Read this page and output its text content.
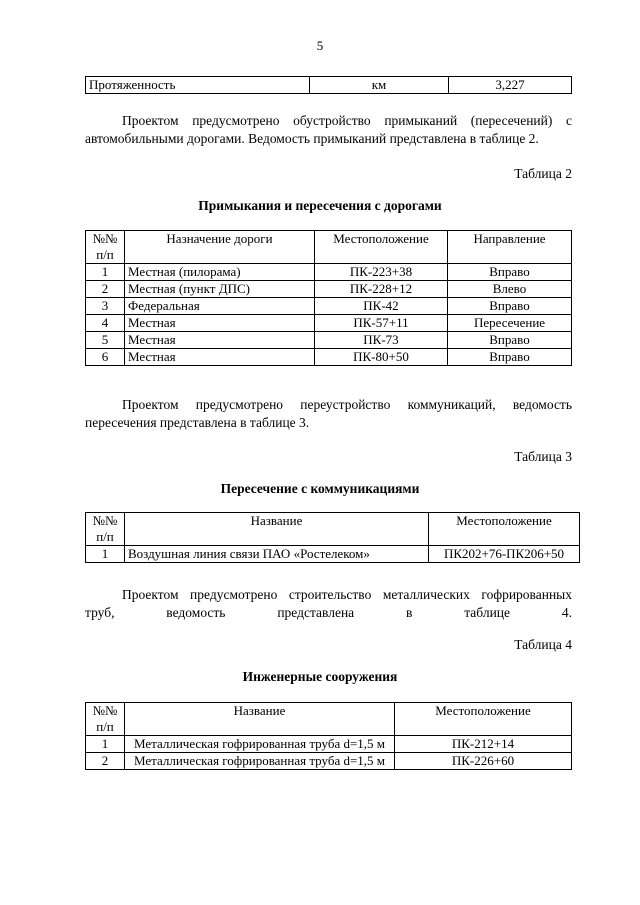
5
Протяженность	км	3,227

Проектом предусмотрено обустройство примыканий (пересечений) с автомобильными дорогами. Ведомость примыканий представлена в таблице 2.

Таблица 2

Примыкания и пересечения с дорогами

№№ п/п	Назначение дороги	Местоположение	Направление
1	Местная (пилорама)	ПК-223+38	Вправо
2	Местная (пункт ДПС)	ПК-228+12	Влево
3	Федеральная	ПК-42	Вправо
4	Местная	ПК-57+11	Пересечение
5	Местная	ПК-73	Вправо
6	Местная	ПК-80+50	Вправо

Проектом предусмотрено переустройство коммуникаций, ведомость пересечения представлена в таблице 3.

Таблица 3

Пересечение с коммуникациями

№№ п/п	Название	Местоположение
1	Воздушная линия связи ПАО «Ростелеком»	ПК202+76-ПК206+50

Проектом предусмотрено строительство металлических гофрированных труб, ведомость представлена в таблице 4.

Таблица 4

Инженерные сооружения

№№ п/п	Название	Местоположение
1	Металлическая гофрированная труба d=1,5 м	ПК-212+14
2	Металлическая гофрированная труба d=1,5 м	ПК-226+60
